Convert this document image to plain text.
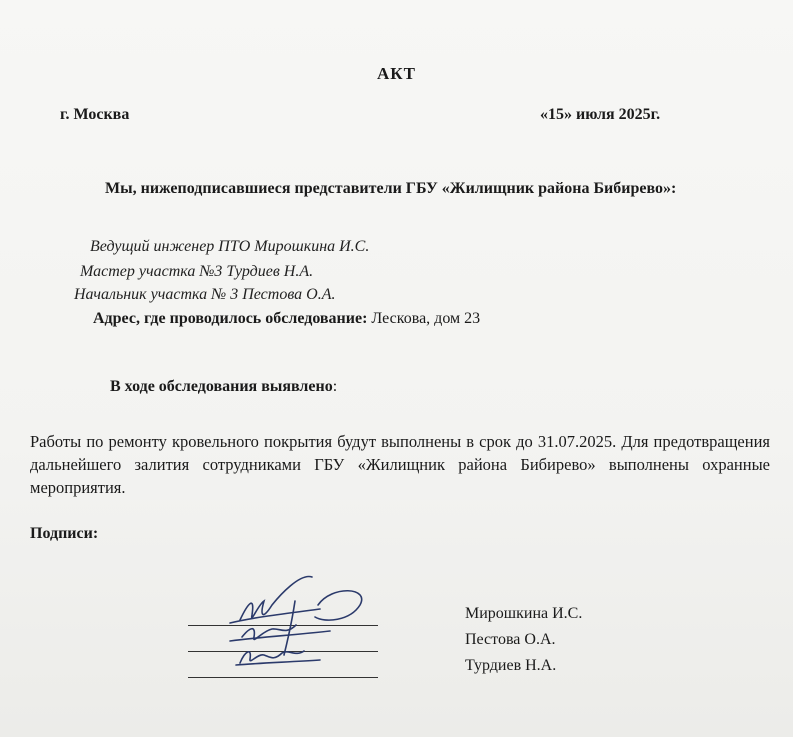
АКТ
г. Москва	«15» июля 2025г.
Мы, нижеподписавшиеся представители ГБУ «Жилищник района Бибирево»:
Ведущий инженер ПТО Мирошкина И.С.
Мастер участка №3 Турдиев Н.А.
Начальник участка № 3 Пестова О.А.
Адрес, где проводилось обследование: Лескова, дом 23
В ходе обследования выявлено:
Работы по ремонту кровельного покрытия будут выполнены в срок до 31.07.2025. Для предотвращения дальнейшего залития сотрудниками ГБУ «Жилищник района Бибирево» выполнены охранные мероприятия.
Подписи:
Мирошкина И.С.
Пестова О.А.
Турдиев Н.А.
